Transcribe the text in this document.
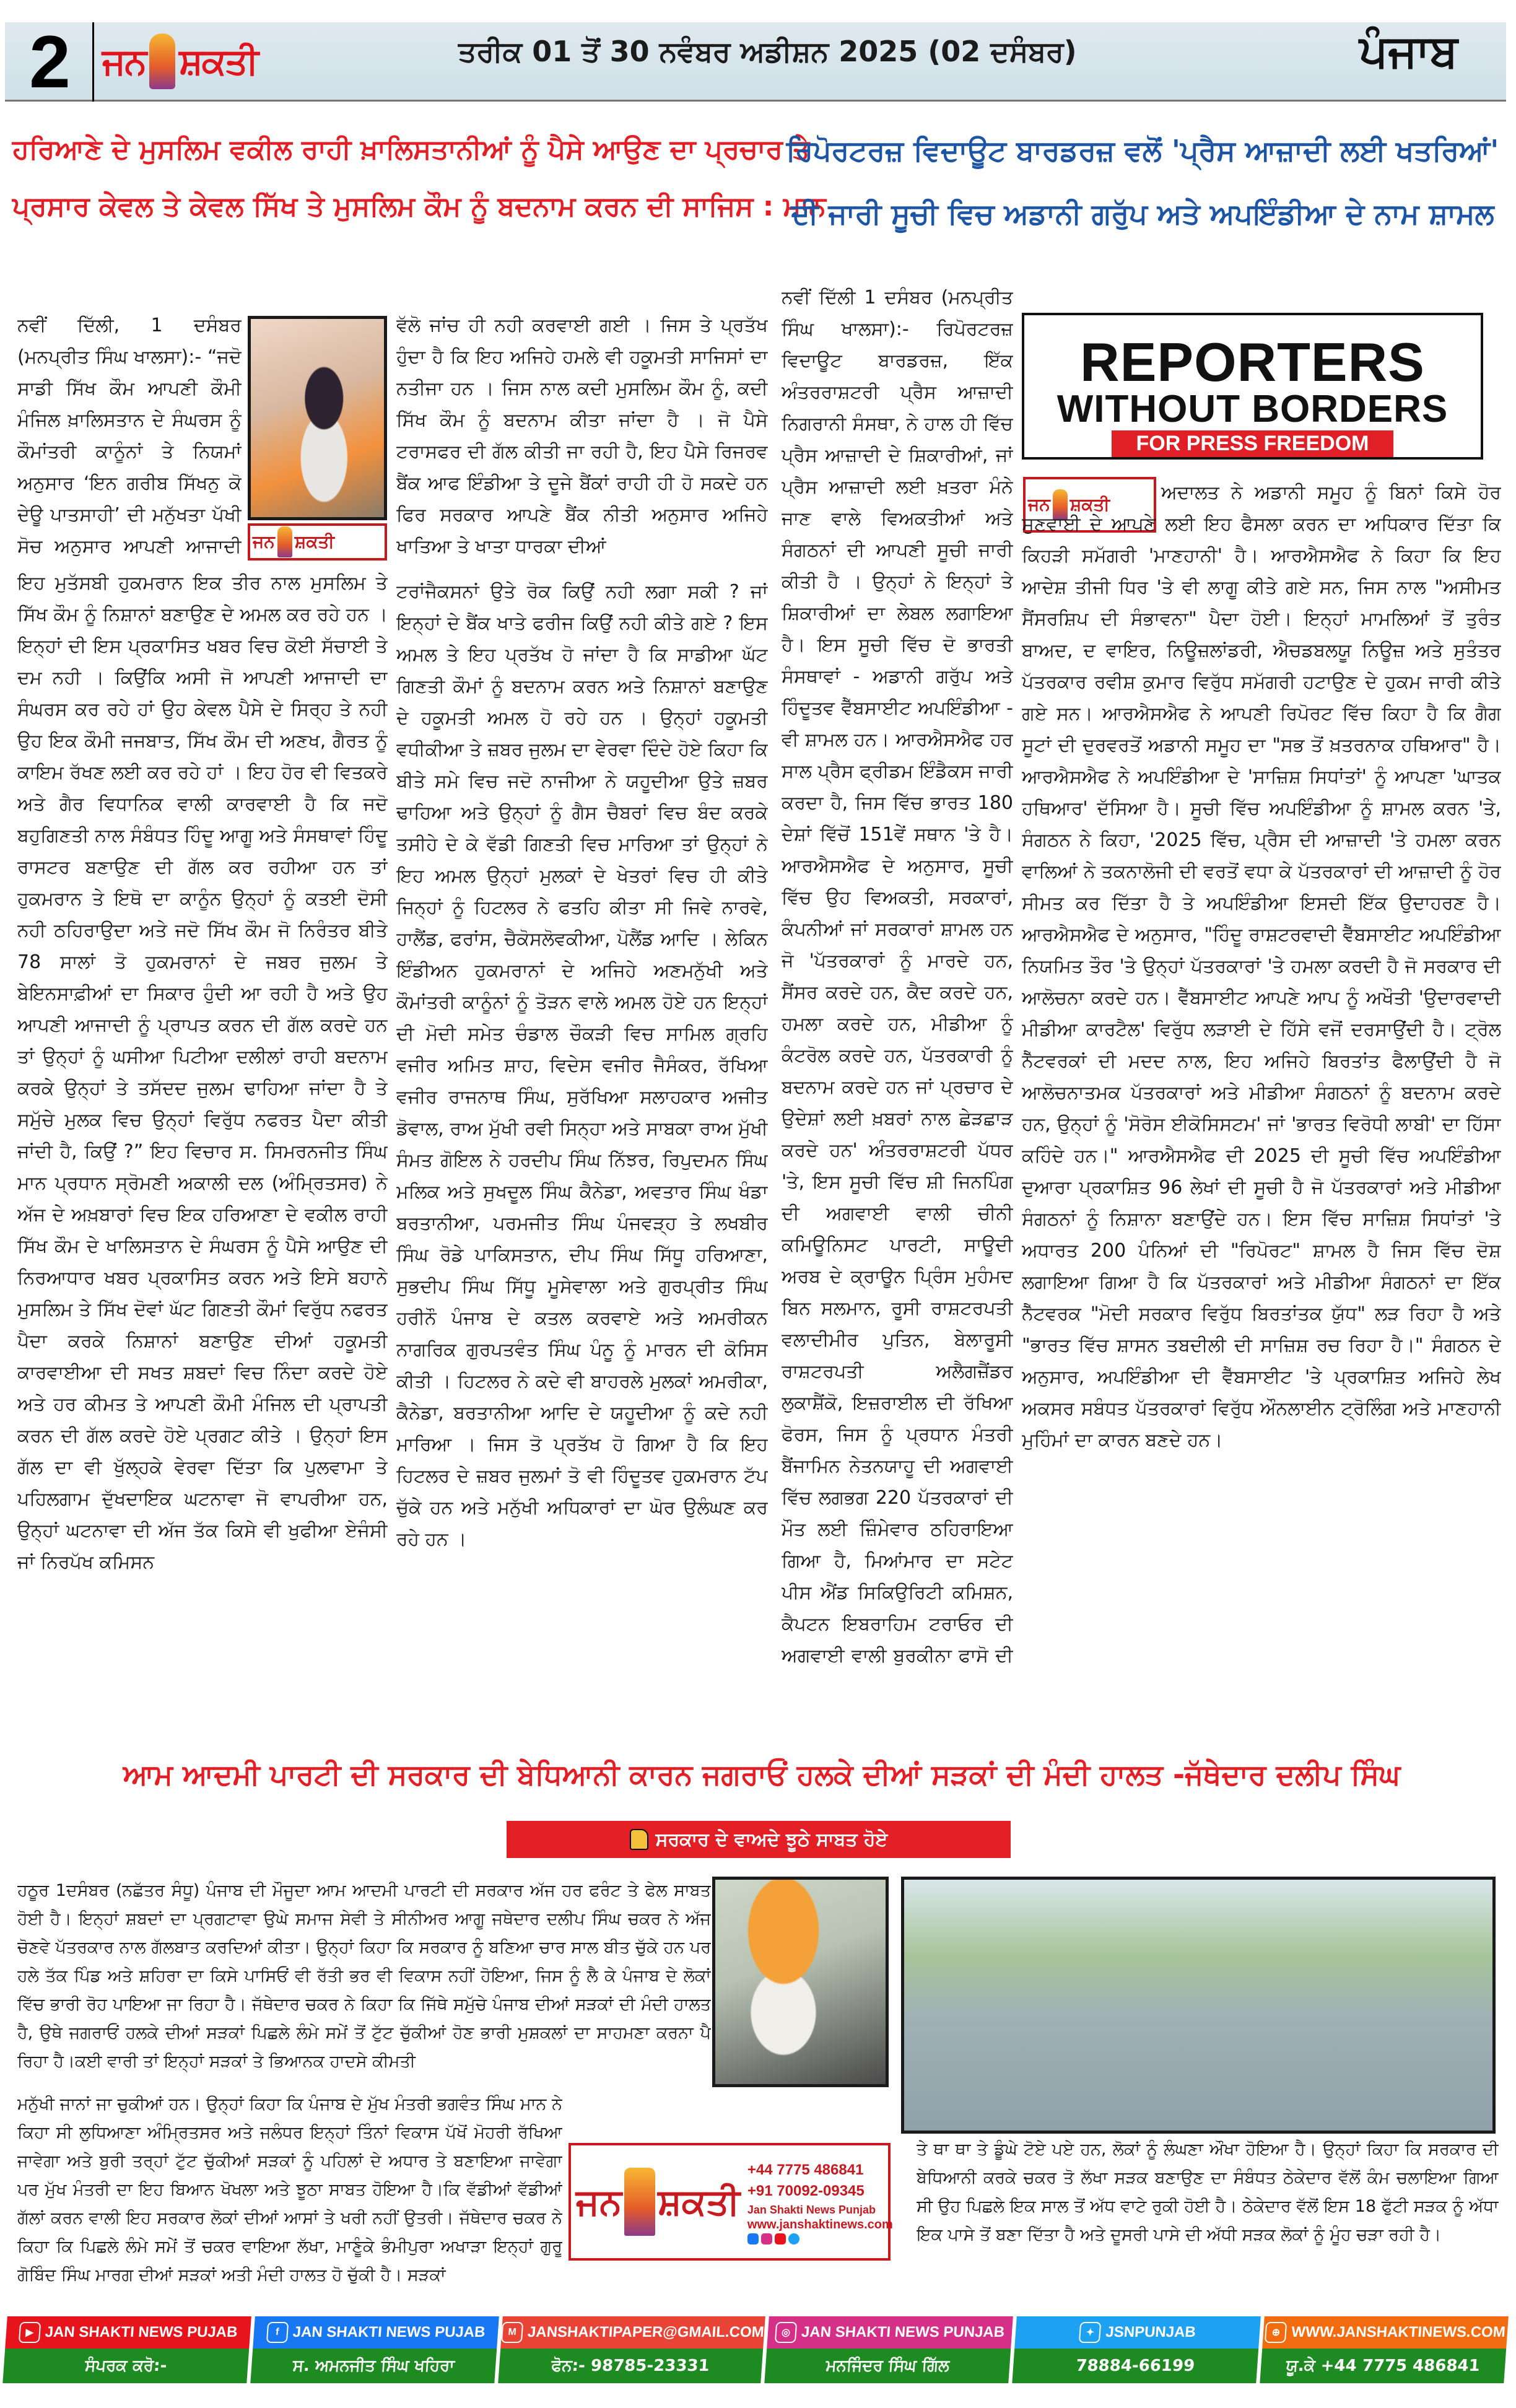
2 ਜਨ ਸ਼ਕਤੀ	ਤਰੀਕ 01 ਤੋਂ 30 ਨਵੰਬਰ ਅਡੀਸ਼ਨ 2025 (02 ਦਸੰਬਰ)	ਪੰਜਾਬ
ਹਰਿਆਣੇ ਦੇ ਮੁਸਲਿਮ ਵਕੀਲ ਰਾਹੀ ਖ਼ਾਲਿਸਤਾਨੀਆਂ ਨੂੰ ਪੈਸੇ ਆਉਣ ਦਾ ਪ੍ਰਚਾਰ ਤੇ
ਪ੍ਰਸਾਰ ਕੇਵਲ ਤੇ ਕੇਵਲ ਸਿੱਖ ਤੇ ਮੁਸਲਿਮ ਕੌਮ ਨੂੰ ਬਦਨਾਮ ਕਰਨ ਦੀ ਸਾਜਿਸ : ਮਾਨ
ਰਿਪੋਰਟਰਜ਼ ਵਿਦਾਊਟ ਬਾਰਡਰਜ਼ ਵਲੋਂ 'ਪ੍ਰੈਸ ਆਜ਼ਾਦੀ ਲਈ ਖਤਰਿਆਂ'
ਦੀ ਜਾਰੀ ਸੂਚੀ ਵਿਚ ਅਡਾਨੀ ਗਰੁੱਪ ਅਤੇ ਅਪਇੰਡੀਆ ਦੇ ਨਾਮ ਸ਼ਾਮਲ
ਨਵੀਂ ਦਿੱਲੀ, 1 ਦਸੰਬਰ (ਮਨਪ੍ਰੀਤ ਸਿੰਘ ਖਾਲਸਾ):- “ਜਦੋ ਸਾਡੀ ਸਿੱਖ ਕੌਮ ਆਪਣੀ ਕੌਮੀ ਮੰਜਿਲ ਖ਼ਾਲਿਸਤਾਨ ਦੇ ਸੰਘਰਸ ਨੂੰ ਕੌਮਾਂਤਰੀ ਕਾਨੂੰਨਾਂ ਤੇ ਨਿਯਮਾਂ ਅਨੁਸਾਰ ‘ਇਨ ਗਰੀਬ ਸਿੱਖਨੁ ਕੋ ਦੇਊ ਪਾਤਸਾਹੀ’ ਦੀ ਮਨੁੱਖਤਾ ਪੱਖੀ ਸੋਚ ਅਨੁਸਾਰ ਆਪਣੀ ਆਜਾਦੀ ਜਨ ਸ਼ਕਤੀ
ਇਹ ਮੁਤੱਸਬੀ ਹੁਕਮਰਾਨ ਇਕ ਤੀਰ ਨਾਲ ਮੁਸਲਿਮ ਤੇ ਸਿੱਖ ਕੌਮ ਨੂੰ ਨਿਸ਼ਾਨਾਂ ਬਣਾਉਣ ਦੇ ਅਮਲ ਕਰ ਰਹੇ ਹਨ । ਇਨ੍ਹਾਂ ਦੀ ਇਸ ਪ੍ਰਕਾਸਿਤ ਖਬਰ ਵਿਚ ਕੋਈ ਸੱਚਾਈ ਤੇ ਦਮ ਨਹੀ । ਕਿਉਂਕਿ ਅਸੀ ਜੋ ਆਪਣੀ ਆਜਾਦੀ ਦਾ ਸੰਘਰਸ ਕਰ ਰਹੇ ਹਾਂ ਉਹ ਕੇਵਲ ਪੈਸੇ ਦੇ ਸਿਰ੍ਹ ਤੇ ਨਹੀ ਉਹ ਇਕ ਕੌਮੀ ਜਜਬਾਤ, ਸਿੱਖ ਕੌਮ ਦੀ ਅਣਖ, ਗੈਰਤ ਨੂੰ ਕਾਇਮ ਰੱਖਣ ਲਈ ਕਰ ਰਹੇ ਹਾਂ । ਇਹ ਹੋਰ ਵੀ ਵਿਤਕਰੇ ਅਤੇ ਗੈਰ ਵਿਧਾਨਿਕ ਵਾਲੀ ਕਾਰਵਾਈ ਹੈ ਕਿ ਜਦੋ ਬਹੁਗਿਣਤੀ ਨਾਲ ਸੰਬੰਧਤ ਹਿੰਦੂ ਆਗੂ ਅਤੇ ਸੰਸਥਾਵਾਂ ਹਿੰਦੂ ਰਾਸਟਰ ਬਣਾਉਣ ਦੀ ਗੱਲ ਕਰ ਰਹੀਆ ਹਨ ਤਾਂ ਹੁਕਮਰਾਨ ਤੇ ਇਥੋ ਦਾ ਕਾਨੂੰਨ ਉਨ੍ਹਾਂ ਨੂੰ ਕਤਈ ਦੋਸੀ ਨਹੀ ਠਹਿਰਾਉਦਾ ਅਤੇ ਜਦੋ ਸਿੱਖ ਕੌਮ ਜੋ ਨਿਰੰਤਰ ਬੀਤੇ 78 ਸਾਲਾਂ ਤੋ ਹੁਕਮਰਾਨਾਂ ਦੇ ਜਬਰ ਜੁਲਮ ਤੇ ਬੇਇਨਸਾਫ਼ੀਆਂ ਦਾ ਸਿਕਾਰ ਹੁੰਦੀ ਆ ਰਹੀ ਹੈ ਅਤੇ ਉਹ ਆਪਣੀ ਆਜਾਦੀ ਨੂੰ ਪ੍ਰਾਪਤ ਕਰਨ ਦੀ ਗੱਲ ਕਰਦੇ ਹਨ ਤਾਂ ਉਨ੍ਹਾਂ ਨੂੰ ਘਸੀਆ ਪਿਟੀਆ ਦਲੀਲਾਂ ਰਾਹੀ ਬਦਨਾਮ ਕਰਕੇ ਉਨ੍ਹਾਂ ਤੇ ਤਸੱਦਦ ਜੁਲਮ ਢਾਹਿਆ ਜਾਂਦਾ ਹੈ ਤੇ ਸਮੁੱਚੇ ਮੁਲਕ ਵਿਚ ਉਨ੍ਹਾਂ ਵਿਰੁੱਧ ਨਫਰਤ ਪੈਦਾ ਕੀਤੀ ਜਾਂਦੀ ਹੈ, ਕਿਉਂ ?” ਇਹ ਵਿਚਾਰ ਸ. ਸਿਮਰਨਜੀਤ ਸਿੰਘ ਮਾਨ ਪ੍ਰਧਾਨ ਸ੍ਰੋਮਣੀ ਅਕਾਲੀ ਦਲ (ਅੰਮ੍ਰਿਤਸਰ) ਨੇ ਅੱਜ ਦੇ ਅਖ਼ਬਾਰਾਂ ਵਿਚ ਇਕ ਹਰਿਆਣਾ ਦੇ ਵਕੀਲ ਰਾਹੀ ਸਿੱਖ ਕੌਮ ਦੇ ਖਾਲਿਸਤਾਨ ਦੇ ਸੰਘਰਸ ਨੂੰ ਪੈਸੇ ਆਉਣ ਦੀ ਨਿਰਆਧਾਰ ਖਬਰ ਪ੍ਰਕਾਸਿਤ ਕਰਨ ਅਤੇ ਇਸੇ ਬਹਾਨੇ ਮੁਸਲਿਮ ਤੇ ਸਿੱਖ ਦੋਵਾਂ ਘੱਟ ਗਿਣਤੀ ਕੌਮਾਂ ਵਿਰੁੱਧ ਨਫਰਤ ਪੈਦਾ ਕਰਕੇ ਨਿਸ਼ਾਨਾਂ ਬਣਾਉਣ ਦੀਆਂ ਹਕੂਮਤੀ ਕਾਰਵਾਈਆ ਦੀ ਸਖਤ ਸ਼ਬਦਾਂ ਵਿਚ ਨਿੰਦਾ ਕਰਦੇ ਹੋਏ ਅਤੇ ਹਰ ਕੀਮਤ ਤੇ ਆਪਣੀ ਕੌਮੀ ਮੰਜਿਲ ਦੀ ਪ੍ਰਾਪਤੀ ਕਰਨ ਦੀ ਗੱਲ ਕਰਦੇ ਹੋਏ ਪ੍ਰਗਟ ਕੀਤੇ । ਉਨ੍ਹਾਂ ਇਸ ਗੱਲ ਦਾ ਵੀ ਖੁੱਲ੍ਹਕੇ ਵੇਰਵਾ ਦਿੱਤਾ ਕਿ ਪੁਲਵਾਮਾ ਤੇ ਪਹਿਲਗਾਮ ਦੁੱਖਦਾਇਕ ਘਟਨਾਵਾ ਜੋ ਵਾਪਰੀਆ ਹਨ, ਉਨ੍ਹਾਂ ਘਟਨਾਵਾ ਦੀ ਅੱਜ ਤੱਕ ਕਿਸੇ ਵੀ ਖੁਫੀਆ ਏਜੰਸੀ ਜਾਂ ਨਿਰਪੱਖ ਕਮਿਸਨ
ਵੱਲੋ ਜਾਂਚ ਹੀ ਨਹੀ ਕਰਵਾਈ ਗਈ । ਜਿਸ ਤੇ ਪ੍ਰਤੱਖ ਹੁੰਦਾ ਹੈ ਕਿ ਇਹ ਅਜਿਹੇ ਹਮਲੇ ਵੀ ਹਕੂਮਤੀ ਸਾਜਿਸਾਂ ਦਾ ਨਤੀਜਾ ਹਨ । ਜਿਸ ਨਾਲ ਕਦੀ ਮੁਸਲਿਮ ਕੌਮ ਨੂੰ, ਕਦੀ ਸਿੱਖ ਕੌਮ ਨੂੰ ਬਦਨਾਮ ਕੀਤਾ ਜਾਂਦਾ ਹੈ । ਜੋ ਪੈਸੇ ਟਰਾਸਫਰ ਦੀ ਗੱਲ ਕੀਤੀ ਜਾ ਰਹੀ ਹੈ, ਇਹ ਪੈਸੇ ਰਿਜਰਵ ਬੈਂਕ ਆਫ ਇੰਡੀਆ ਤੇ ਦੂਜੇ ਬੈਂਕਾਂ ਰਾਹੀ ਹੀ ਹੋ ਸਕਦੇ ਹਨ ਫਿਰ ਸਰਕਾਰ ਆਪਣੇ ਬੈਂਕ ਨੀਤੀ ਅਨੁਸਾਰ ਅਜਿਹੇ ਖਾਤਿਆ ਤੇ ਖਾਤਾ ਧਾਰਕਾ ਦੀਆਂ
ਟਰਾਂਜੈਕਸਨਾਂ ਉਤੇ ਰੋਕ ਕਿਉਂ ਨਹੀ ਲਗਾ ਸਕੀ ? ਜਾਂ ਇਨ੍ਹਾਂ ਦੇ ਬੈਂਕ ਖਾਤੇ ਫਰੀਜ ਕਿਉਂ ਨਹੀ ਕੀਤੇ ਗਏ ? ਇਸ ਅਮਲ ਤੇ ਇਹ ਪ੍ਰਤੱਖ ਹੋ ਜਾਂਦਾ ਹੈ ਕਿ ਸਾਡੀਆ ਘੱਟ ਗਿਣਤੀ ਕੌਮਾਂ ਨੂੰ ਬਦਨਾਮ ਕਰਨ ਅਤੇ ਨਿਸ਼ਾਨਾਂ ਬਣਾਉਣ ਦੇ ਹਕੂਮਤੀ ਅਮਲ ਹੋ ਰਹੇ ਹਨ । ਉਨ੍ਹਾਂ ਹਕੂਮਤੀ ਵਧੀਕੀਆ ਤੇ ਜ਼ਬਰ ਜੁਲਮ ਦਾ ਵੇਰਵਾ ਦਿੰਦੇ ਹੋਏ ਕਿਹਾ ਕਿ ਬੀਤੇ ਸਮੇ ਵਿਚ ਜਦੋ ਨਾਜੀਆ ਨੇ ਯਹੂਦੀਆ ਉਤੇ ਜ਼ਬਰ ਢਾਹਿਆ ਅਤੇ ਉਨ੍ਹਾਂ ਨੂੰ ਗੈਸ ਚੈਬਰਾਂ ਵਿਚ ਬੰਦ ਕਰਕੇ ਤਸੀਹੇ ਦੇ ਕੇ ਵੱਡੀ ਗਿਣਤੀ ਵਿਚ ਮਾਰਿਆ ਤਾਂ ਉਨ੍ਹਾਂ ਨੇ ਇਹ ਅਮਲ ਉਨ੍ਹਾਂ ਮੁਲਕਾਂ ਦੇ ਖੇਤਰਾਂ ਵਿਚ ਹੀ ਕੀਤੇ ਜਿਨ੍ਹਾਂ ਨੂੰ ਹਿਟਲਰ ਨੇ ਫਤਹਿ ਕੀਤਾ ਸੀ ਜਿਵੇ ਨਾਰਵੇ, ਹਾਲੈਂਡ, ਫਰਾਂਸ, ਚੈਕੋਸਲੋਵਕੀਆ, ਪੋਲੈਂਡ ਆਦਿ । ਲੇਕਿਨ ਇੰਡੀਅਨ ਹੁਕਮਰਾਨਾਂ ਦੇ ਅਜਿਹੇ ਅਣਮਨੁੱਖੀ ਅਤੇ ਕੌਮਾਂਤਰੀ ਕਾਨੂੰਨਾਂ ਨੂੰ ਤੋੜਨ ਵਾਲੇ ਅਮਲ ਹੋਏ ਹਨ ਇਨ੍ਹਾਂ ਦੀ ਮੋਦੀ ਸਮੇਤ ਚੰਡਾਲ ਚੌਕੜੀ ਵਿਚ ਸਾਮਿਲ ਗ੍ਰਹਿ ਵਜੀਰ ਅਮਿਤ ਸ਼ਾਹ, ਵਿਦੇਸ ਵਜੀਰ ਜੈਸੰਕਰ, ਰੱਖਿਆ ਵਜੀਰ ਰਾਜਨਾਥ ਸਿੰਘ, ਸੁਰੱਖਿਆ ਸਲਾਹਕਾਰ ਅਜੀਤ ਡੋਵਾਲ, ਰਾਅ ਮੁੱਖੀ ਰਵੀ ਸਿਨ੍ਹਾ ਅਤੇ ਸਾਬਕਾ ਰਾਅ ਮੁੱਖੀ ਸੰਮਤ ਗੋਇਲ ਨੇ ਹਰਦੀਪ ਸਿੰਘ ਨਿੱਝਰ, ਰਿਪੁਦਮਨ ਸਿੰਘ ਮਲਿਕ ਅਤੇ ਸੁਖਦੂਲ ਸਿੰਘ ਕੈਨੇਡਾ, ਅਵਤਾਰ ਸਿੰਘ ਖੰਡਾ ਬਰਤਾਨੀਆ, ਪਰਮਜੀਤ ਸਿੰਘ ਪੰਜਵੜ੍ਹ ਤੇ ਲਖਬੀਰ ਸਿੰਘ ਰੋਡੇ ਪਾਕਿਸਤਾਨ, ਦੀਪ ਸਿੰਘ ਸਿੱਧੂ ਹਰਿਆਣਾ, ਸੁਭਦੀਪ ਸਿੰਘ ਸਿੱਧੂ ਮੂਸੇਵਾਲਾ ਅਤੇ ਗੁਰਪ੍ਰੀਤ ਸਿੰਘ ਹਰੀਨੌ ਪੰਜਾਬ ਦੇ ਕਤਲ ਕਰਵਾਏ ਅਤੇ ਅਮਰੀਕਨ ਨਾਗਰਿਕ ਗੁਰਪਤਵੰਤ ਸਿੰਘ ਪੰਨੂ ਨੂੰ ਮਾਰਨ ਦੀ ਕੋਸਿਸ ਕੀਤੀ । ਹਿਟਲਰ ਨੇ ਕਦੇ ਵੀ ਬਾਹਰਲੇ ਮੁਲਕਾਂ ਅਮਰੀਕਾ, ਕੈਨੇਡਾ, ਬਰਤਾਨੀਆ ਆਦਿ ਦੇ ਯਹੂਦੀਆ ਨੂੰ ਕਦੇ ਨਹੀ ਮਾਰਿਆ । ਜਿਸ ਤੋ ਪ੍ਰਤੱਖ ਹੋ ਗਿਆ ਹੈ ਕਿ ਇਹ ਹਿਟਲਰ ਦੇ ਜ਼ਬਰ ਜੁਲਮਾਂ ਤੋ ਵੀ ਹਿੰਦੂਤਵ ਹੁਕਮਰਾਨ ਟੱਪ ਚੁੱਕੇ ਹਨ ਅਤੇ ਮਨੁੱਖੀ ਅਧਿਕਾਰਾਂ ਦਾ ਘੋਰ ਉਲੰਘਣ ਕਰ ਰਹੇ ਹਨ ।
ਨਵੀਂ ਦਿੱਲੀ 1 ਦਸੰਬਰ (ਮਨਪ੍ਰੀਤ ਸਿੰਘ ਖਾਲਸਾ):- ਰਿਪੋਰਟਰਜ਼ ਵਿਦਾਊਟ ਬਾਰਡਰਜ਼, ਇੱਕ ਅੰਤਰਰਾਸ਼ਟਰੀ ਪ੍ਰੈਸ ਆਜ਼ਾਦੀ ਨਿਗਰਾਨੀ ਸੰਸਥਾ, ਨੇ ਹਾਲ ਹੀ ਵਿੱਚ ਪ੍ਰੈਸ ਆਜ਼ਾਦੀ ਦੇ ਸ਼ਿਕਾਰੀਆਂ, ਜਾਂ ਪ੍ਰੈਸ ਆਜ਼ਾਦੀ ਲਈ ਖ਼ਤਰਾ ਮੰਨੇ ਜਾਣ ਵਾਲੇ ਵਿਅਕਤੀਆਂ ਅਤੇ ਸੰਗਠਨਾਂ ਦੀ ਆਪਣੀ ਸੂਚੀ ਜਾਰੀ ਕੀਤੀ ਹੈ । ਉਨ੍ਹਾਂ ਨੇ ਇਨ੍ਹਾਂ ਤੇ ਸ਼ਿਕਾਰੀਆਂ ਦਾ ਲੇਬਲ ਲਗਾਇਆ ਹੈ। ਇਸ ਸੂਚੀ ਵਿੱਚ ਦੋ ਭਾਰਤੀ ਸੰਸਥਾਵਾਂ - ਅਡਾਨੀ ਗਰੁੱਪ ਅਤੇ ਹਿੰਦੂਤਵ ਵੈੱਬਸਾਈਟ ਅਪਇੰਡੀਆ - ਵੀ ਸ਼ਾਮਲ ਹਨ। ਆਰਐਸਐਫ ਹਰ ਸਾਲ ਪ੍ਰੈਸ ਫ੍ਰੀਡਮ ਇੰਡੈਕਸ ਜਾਰੀ ਕਰਦਾ ਹੈ, ਜਿਸ ਵਿੱਚ ਭਾਰਤ 180 ਦੇਸ਼ਾਂ ਵਿੱਚੋਂ 151ਵੇਂ ਸਥਾਨ 'ਤੇ ਹੈ। ਆਰਐਸਐਫ ਦੇ ਅਨੁਸਾਰ, ਸੂਚੀ ਵਿੱਚ ਉਹ ਵਿਅਕਤੀ, ਸਰਕਾਰਾਂ, ਕੰਪਨੀਆਂ ਜਾਂ ਸਰਕਾਰਾਂ ਸ਼ਾਮਲ ਹਨ ਜੋ 'ਪੱਤਰਕਾਰਾਂ ਨੂੰ ਮਾਰਦੇ ਹਨ, ਸੈਂਸਰ ਕਰਦੇ ਹਨ, ਕੈਦ ਕਰਦੇ ਹਨ, ਹਮਲਾ ਕਰਦੇ ਹਨ, ਮੀਡੀਆ ਨੂੰ ਕੰਟਰੋਲ ਕਰਦੇ ਹਨ, ਪੱਤਰਕਾਰੀ ਨੂੰ ਬਦਨਾਮ ਕਰਦੇ ਹਨ ਜਾਂ ਪ੍ਰਚਾਰ ਦੇ ਉਦੇਸ਼ਾਂ ਲਈ ਖ਼ਬਰਾਂ ਨਾਲ ਛੇੜਛਾੜ ਕਰਦੇ ਹਨ' ਅੰਤਰਰਾਸ਼ਟਰੀ ਪੱਧਰ 'ਤੇ, ਇਸ ਸੂਚੀ ਵਿੱਚ ਸ਼ੀ ਜਿਨਪਿੰਗ ਦੀ ਅਗਵਾਈ ਵਾਲੀ ਚੀਨੀ ਕਮਿਊਨਿਸਟ ਪਾਰਟੀ, ਸਾਊਦੀ ਅਰਬ ਦੇ ਕ੍ਰਾਊਨ ਪ੍ਰਿੰਸ ਮੁਹੰਮਦ ਬਿਨ ਸਲਮਾਨ, ਰੂਸੀ ਰਾਸ਼ਟਰਪਤੀ ਵਲਾਦੀਮੀਰ ਪੁਤਿਨ, ਬੇਲਾਰੂਸੀ ਰਾਸ਼ਟਰਪਤੀ ਅਲੈਗਜ਼ੈਂਡਰ ਲੁਕਾਸ਼ੈਂਕੋ, ਇਜ਼ਰਾਈਲ ਦੀ ਰੱਖਿਆ ਫੋਰਸ, ਜਿਸ ਨੂੰ ਪ੍ਰਧਾਨ ਮੰਤਰੀ ਬੈਂਜਾਮਿਨ ਨੇਤਨਯਾਹੂ ਦੀ ਅਗਵਾਈ ਵਿੱਚ ਲਗਭਗ 220 ਪੱਤਰਕਾਰਾਂ ਦੀ ਮੌਤ ਲਈ ਜ਼ਿੰਮੇਵਾਰ ਠਹਿਰਾਇਆ ਗਿਆ ਹੈ, ਮਿਆਂਮਾਰ ਦਾ ਸਟੇਟ ਪੀਸ ਐਂਡ ਸਿਕਿਉਰਿਟੀ ਕਮਿਸ਼ਨ, ਕੈਪਟਨ ਇਬਰਾਹਿਮ ਟਰਾਓਰ ਦੀ ਅਗਵਾਈ ਵਾਲੀ ਬੁਰਕੀਨਾ ਫਾਸੋ ਦੀ
REPORTERS
WITHOUT BORDERS
FOR PRESS FREEDOM
ਜਨ ਸ਼ਕਤੀ
ਅਦਾਲਤ ਨੇ ਅਡਾਨੀ ਸਮੂਹ ਨੂੰ ਬਿਨਾਂ ਕਿਸੇ ਹੋਰ ਸੁਣਵਾਈ ਦੇ ਆਪਣੇ ਲਈ ਇਹ ਫੈਸਲਾ ਕਰਨ ਦਾ ਅਧਿਕਾਰ ਦਿੱਤਾ ਕਿ ਕਿਹੜੀ ਸਮੱਗਰੀ 'ਮਾਣਹਾਨੀ' ਹੈ। ਆਰਐਸਐਫ ਨੇ ਕਿਹਾ ਕਿ ਇਹ ਆਦੇਸ਼ ਤੀਜੀ ਧਿਰ 'ਤੇ ਵੀ ਲਾਗੂ ਕੀਤੇ ਗਏ ਸਨ, ਜਿਸ ਨਾਲ "ਅਸੀਮਤ ਸੈਂਸਰਸ਼ਿਪ ਦੀ ਸੰਭਾਵਨਾ" ਪੈਦਾ ਹੋਈ। ਇਨ੍ਹਾਂ ਮਾਮਲਿਆਂ ਤੋਂ ਤੁਰੰਤ ਬਾਅਦ, ਦ ਵਾਇਰ, ਨਿਊਜ਼ਲਾਂਡਰੀ, ਐਚਡਬਲਯੂ ਨਿਊਜ਼ ਅਤੇ ਸੁਤੰਤਰ ਪੱਤਰਕਾਰ ਰਵੀਸ਼ ਕੁਮਾਰ ਵਿਰੁੱਧ ਸਮੱਗਰੀ ਹਟਾਉਣ ਦੇ ਹੁਕਮ ਜਾਰੀ ਕੀਤੇ ਗਏ ਸਨ। ਆਰਐਸਐਫ ਨੇ ਆਪਣੀ ਰਿਪੋਰਟ ਵਿੱਚ ਕਿਹਾ ਹੈ ਕਿ ਗੈਗ ਸੂਟਾਂ ਦੀ ਦੁਰਵਰਤੋਂ ਅਡਾਨੀ ਸਮੂਹ ਦਾ "ਸਭ ਤੋਂ ਖ਼ਤਰਨਾਕ ਹਥਿਆਰ" ਹੈ। ਆਰਐਸਐਫ ਨੇ ਅਪਇੰਡੀਆ ਦੇ 'ਸਾਜ਼ਿਸ਼ ਸਿਧਾਂਤਾਂ' ਨੂੰ ਆਪਣਾ 'ਘਾਤਕ ਹਥਿਆਰ' ਦੱਸਿਆ ਹੈ। ਸੂਚੀ ਵਿੱਚ ਅਪਇੰਡੀਆ ਨੂੰ ਸ਼ਾਮਲ ਕਰਨ 'ਤੇ, ਸੰਗਠਨ ਨੇ ਕਿਹਾ, '2025 ਵਿੱਚ, ਪ੍ਰੈਸ ਦੀ ਆਜ਼ਾਦੀ 'ਤੇ ਹਮਲਾ ਕਰਨ ਵਾਲਿਆਂ ਨੇ ਤਕਨਾਲੋਜੀ ਦੀ ਵਰਤੋਂ ਵਧਾ ਕੇ ਪੱਤਰਕਾਰਾਂ ਦੀ ਆਜ਼ਾਦੀ ਨੂੰ ਹੋਰ ਸੀਮਤ ਕਰ ਦਿੱਤਾ ਹੈ ਤੇ ਅਪਇੰਡੀਆ ਇਸਦੀ ਇੱਕ ਉਦਾਹਰਣ ਹੈ। ਆਰਐਸਐਫ ਦੇ ਅਨੁਸਾਰ, "ਹਿੰਦੂ ਰਾਸ਼ਟਰਵਾਦੀ ਵੈੱਬਸਾਈਟ ਅਪਇੰਡੀਆ ਨਿਯਮਿਤ ਤੌਰ 'ਤੇ ਉਨ੍ਹਾਂ ਪੱਤਰਕਾਰਾਂ 'ਤੇ ਹਮਲਾ ਕਰਦੀ ਹੈ ਜੋ ਸਰਕਾਰ ਦੀ ਆਲੋਚਨਾ ਕਰਦੇ ਹਨ। ਵੈੱਬਸਾਈਟ ਆਪਣੇ ਆਪ ਨੂੰ ਅਖੌਤੀ 'ਉਦਾਰਵਾਦੀ ਮੀਡੀਆ ਕਾਰਟੈਲ' ਵਿਰੁੱਧ ਲੜਾਈ ਦੇ ਹਿੱਸੇ ਵਜੋਂ ਦਰਸਾਉਂਦੀ ਹੈ। ਟ੍ਰੋਲ ਨੈੱਟਵਰਕਾਂ ਦੀ ਮਦਦ ਨਾਲ, ਇਹ ਅਜਿਹੇ ਬਿਰਤਾਂਤ ਫੈਲਾਉਂਦੀ ਹੈ ਜੋ ਆਲੋਚਨਾਤਮਕ ਪੱਤਰਕਾਰਾਂ ਅਤੇ ਮੀਡੀਆ ਸੰਗਠਨਾਂ ਨੂੰ ਬਦਨਾਮ ਕਰਦੇ ਹਨ, ਉਨ੍ਹਾਂ ਨੂੰ 'ਸੋਰੋਸ ਈਕੋਸਿਸਟਮ' ਜਾਂ 'ਭਾਰਤ ਵਿਰੋਧੀ ਲਾਬੀ' ਦਾ ਹਿੱਸਾ ਕਹਿੰਦੇ ਹਨ।" ਆਰਐਸਐਫ ਦੀ 2025 ਦੀ ਸੂਚੀ ਵਿੱਚ ਅਪਇੰਡੀਆ ਦੁਆਰਾ ਪ੍ਰਕਾਸ਼ਿਤ 96 ਲੇਖਾਂ ਦੀ ਸੂਚੀ ਹੈ ਜੋ ਪੱਤਰਕਾਰਾਂ ਅਤੇ ਮੀਡੀਆ ਸੰਗਠਨਾਂ ਨੂੰ ਨਿਸ਼ਾਨਾ ਬਣਾਉਂਦੇ ਹਨ। ਇਸ ਵਿੱਚ ਸਾਜ਼ਿਸ਼ ਸਿਧਾਂਤਾਂ 'ਤੇ ਅਧਾਰਤ 200 ਪੰਨਿਆਂ ਦੀ "ਰਿਪੋਰਟ" ਸ਼ਾਮਲ ਹੈ ਜਿਸ ਵਿੱਚ ਦੋਸ਼ ਲਗਾਇਆ ਗਿਆ ਹੈ ਕਿ ਪੱਤਰਕਾਰਾਂ ਅਤੇ ਮੀਡੀਆ ਸੰਗਠਨਾਂ ਦਾ ਇੱਕ ਨੈੱਟਵਰਕ "ਮੋਦੀ ਸਰਕਾਰ ਵਿਰੁੱਧ ਬਿਰਤਾਂਤਕ ਯੁੱਧ" ਲੜ ਰਿਹਾ ਹੈ ਅਤੇ "ਭਾਰਤ ਵਿੱਚ ਸ਼ਾਸਨ ਤਬਦੀਲੀ ਦੀ ਸਾਜ਼ਿਸ਼ ਰਚ ਰਿਹਾ ਹੈ।" ਸੰਗਠਨ ਦੇ ਅਨੁਸਾਰ, ਅਪਇੰਡੀਆ ਦੀ ਵੈੱਬਸਾਈਟ 'ਤੇ ਪ੍ਰਕਾਸ਼ਿਤ ਅਜਿਹੇ ਲੇਖ ਅਕਸਰ ਸਬੰਧਤ ਪੱਤਰਕਾਰਾਂ ਵਿਰੁੱਧ ਔਨਲਾਈਨ ਟ੍ਰੋਲਿੰਗ ਅਤੇ ਮਾਣਹਾਨੀ ਮੁਹਿੰਮਾਂ ਦਾ ਕਾਰਨ ਬਣਦੇ ਹਨ।
ਆਮ ਆਦਮੀ ਪਾਰਟੀ ਦੀ ਸਰਕਾਰ ਦੀ ਬੇਧਿਆਨੀ ਕਾਰਨ ਜਗਰਾਓਂ ਹਲਕੇ ਦੀਆਂ ਸੜਕਾਂ ਦੀ ਮੰਦੀ ਹਾਲਤ -ਜੱਥੇਦਾਰ ਦਲੀਪ ਸਿੰਘ
ਸਰਕਾਰ ਦੇ ਵਾਅਦੇ ਝੂਠੇ ਸਾਬਤ ਹੋਏ
ਹਠੂਰ 1ਦਸੰਬਰ (ਨਛੱਤਰ ਸੰਧੂ) ਪੰਜਾਬ ਦੀ ਮੌਜੂਦਾ ਆਮ ਆਦਮੀ ਪਾਰਟੀ ਦੀ ਸਰਕਾਰ ਅੱਜ ਹਰ ਫਰੰਟ ਤੇ ਫੇਲ ਸਾਬਤ ਹੋਈ ਹੈ। ਇਨ੍ਹਾਂ ਸ਼ਬਦਾਂ ਦਾ ਪ੍ਰਗਟਾਵਾ ਉਘੇ ਸਮਾਜ ਸੇਵੀ ਤੇ ਸੀਨੀਅਰ ਆਗੂ ਜਥੇਦਾਰ ਦਲੀਪ ਸਿੰਘ ਚਕਰ ਨੇ ਅੱਜ ਚੋਣਵੇ ਪੱਤਰਕਾਰ ਨਾਲ ਗੱਲਬਾਤ ਕਰਦਿਆਂ ਕੀਤਾ। ਉਨ੍ਹਾਂ ਕਿਹਾ ਕਿ ਸਰਕਾਰ ਨੂੰ ਬਣਿਆ ਚਾਰ ਸਾਲ ਬੀਤ ਚੁੱਕੇ ਹਨ ਪਰ ਹਲੇ ਤੱਕ ਪਿੰਡ ਅਤੇ ਸ਼ਹਿਰਾ ਦਾ ਕਿਸੇ ਪਾਸਿਓਂ ਵੀ ਰੱਤੀ ਭਰ ਵੀ ਵਿਕਾਸ ਨਹੀਂ ਹੋਇਆ, ਜਿਸ ਨੂੰ ਲੈ ਕੇ ਪੰਜਾਬ ਦੇ ਲੋਕਾਂ ਵਿੱਚ ਭਾਰੀ ਰੋਹ ਪਾਇਆ ਜਾ ਰਿਹਾ ਹੈ। ਜੱਥੇਦਾਰ ਚਕਰ ਨੇ ਕਿਹਾ ਕਿ ਜਿੱਥੇ ਸਮੁੱਚੇ ਪੰਜਾਬ ਦੀਆਂ ਸੜਕਾਂ ਦੀ ਮੰਦੀ ਹਾਲਤ ਹੈ, ਉਥੇ ਜਗਰਾਓਂ ਹਲਕੇ ਦੀਆਂ ਸੜਕਾਂ ਪਿਛਲੇ ਲੰਮੇ ਸਮੇਂ ਤੋਂ ਟੁੱਟ ਚੁੱਕੀਆਂ ਹੋਣ ਭਾਰੀ ਮੁਸ਼ਕਲਾਂ ਦਾ ਸਾਹਮਣਾ ਕਰਨਾ ਪੈ ਰਿਹਾ ਹੈ।ਕਈ ਵਾਰੀ ਤਾਂ ਇਨ੍ਹਾਂ ਸੜਕਾਂ ਤੇ ਭਿਆਨਕ ਹਾਦਸੇ ਕੀਮਤੀ
ਮਨੁੱਖੀ ਜਾਨਾਂ ਜਾ ਚੁਕੀਆਂ ਹਨ। ਉਨ੍ਹਾਂ ਕਿਹਾ ਕਿ ਪੰਜਾਬ ਦੇ ਮੁੱਖ ਮੰਤਰੀ ਭਗਵੰਤ ਸਿੰਘ ਮਾਨ ਨੇ ਕਿਹਾ ਸੀ ਲੁਧਿਆਣਾ ਅੰਮ੍ਰਿਤਸਰ ਅਤੇ ਜਲੰਧਰ ਇਨ੍ਹਾਂ ਤਿੰਨਾਂ ਵਿਕਾਸ ਪੱਖੋਂ ਮੋਹਰੀ ਰੱਖਿਆ ਜਾਵੇਗਾ ਅਤੇ ਬੁਰੀ ਤਰ੍ਹਾਂ ਟੁੱਟ ਚੁੱਕੀਆਂ ਸੜਕਾਂ ਨੂੰ ਪਹਿਲਾਂ ਦੇ ਅਧਾਰ ਤੇ ਬਣਾਇਆ ਜਾਵੇਗਾ ਪਰ ਮੁੱਖ ਮੰਤਰੀ ਦਾ ਇਹ ਬਿਆਨ ਖੋਖਲਾ ਅਤੇ ਝੂਠਾ ਸਾਬਤ ਹੋਇਆ ਹੈ।ਕਿ ਵੱਡੀਆਂ ਵੱਡੀਆਂ ਗੱਲਾਂ ਕਰਨ ਵਾਲੀ ਇਹ ਸਰਕਾਰ ਲੋਕਾਂ ਦੀਆਂ ਆਸਾਂ ਤੇ ਖਰੀ ਨਹੀਂ ਉਤਰੀ। ਜੱਥੇਦਾਰ ਚਕਰ ਨੇ ਕਿਹਾ ਕਿ ਪਿਛਲੇ ਲੰਮੇ ਸਮੇਂ ਤੋਂ ਚਕਰ ਵਾਇਆ ਲੱਖਾ, ਮਾਣੂੰਕੇ ਭੰਮੀਪੁਰਾ ਅਖਾੜਾ ਇਨ੍ਹਾਂ ਗੁਰੂ ਗੋਬਿੰਦ ਸਿੰਘ ਮਾਰਗ ਦੀਆਂ ਸੜਕਾਂ ਅਤੀ ਮੰਦੀ ਹਾਲਤ ਹੋ ਚੁੱਕੀ ਹੈ। ਸੜਕਾਂ
ਜਨ ਸ਼ਕਤੀ
+44 7775 486841
+91 70092-09345
Jan Shakti News Punjab
www.janshaktinews.com
ਤੇ ਥਾ ਥਾ ਤੇ ਡੂੰਘੇ ਟੋਏ ਪਏ ਹਨ, ਲੋਕਾਂ ਨੂੰ ਲੰਘਣਾ ਔਖਾ ਹੋਇਆ ਹੈ। ਉਨ੍ਹਾਂ ਕਿਹਾ ਕਿ ਸਰਕਾਰ ਦੀ ਬੇਧਿਆਨੀ ਕਰਕੇ ਚਕਰ ਤੋ ਲੱਖਾ ਸੜਕ ਬਣਾਉਣ ਦਾ ਸੰਬੰਧਤ ਠੇਕੇਦਾਰ ਵੱਲੋਂ ਕੰਮ ਚਲਾਇਆ ਗਿਆ ਸੀ ਉਹ ਪਿਛਲੇ ਇਕ ਸਾਲ ਤੋਂ ਅੱਧ ਵਾਟੇ ਰੁਕੀ ਹੋਈ ਹੈ। ਠੇਕੇਦਾਰ ਵੱਲੋਂ ਇਸ 18 ਫੁੱਟੀ ਸੜਕ ਨੂੰ ਅੱਧਾ ਇਕ ਪਾਸੇ ਤੋਂ ਬਣਾ ਦਿੱਤਾ ਹੈ ਅਤੇ ਦੂਸਰੀ ਪਾਸੇ ਦੀ ਅੱਧੀ ਸੜਕ ਲੋਕਾਂ ਨੂੰ ਮੂੰਹ ਚੜਾ ਰਹੀ ਹੈ।
▶ JAN SHAKTI NEWS PUJAB
ਸੰਪਰਕ ਕਰੋ:-
f JAN SHAKTI NEWS PUJAB
ਸ. ਅਮਨਜੀਤ ਸਿੰਘ ਖਹਿਰਾ
M JANSHAKTIPAPER@GMAIL.COM
ਫੋਨ:- 98785-23331
◎ JAN SHAKTI NEWS PUNJAB
ਮਨਜਿੰਦਰ ਸਿੰਘ ਗਿੱਲ
✦ JSNPUNJAB
78884-66199
⊕ WWW.JANSHAKTINEWS.COM
ਯੂ.ਕੇ +44 7775 486841
